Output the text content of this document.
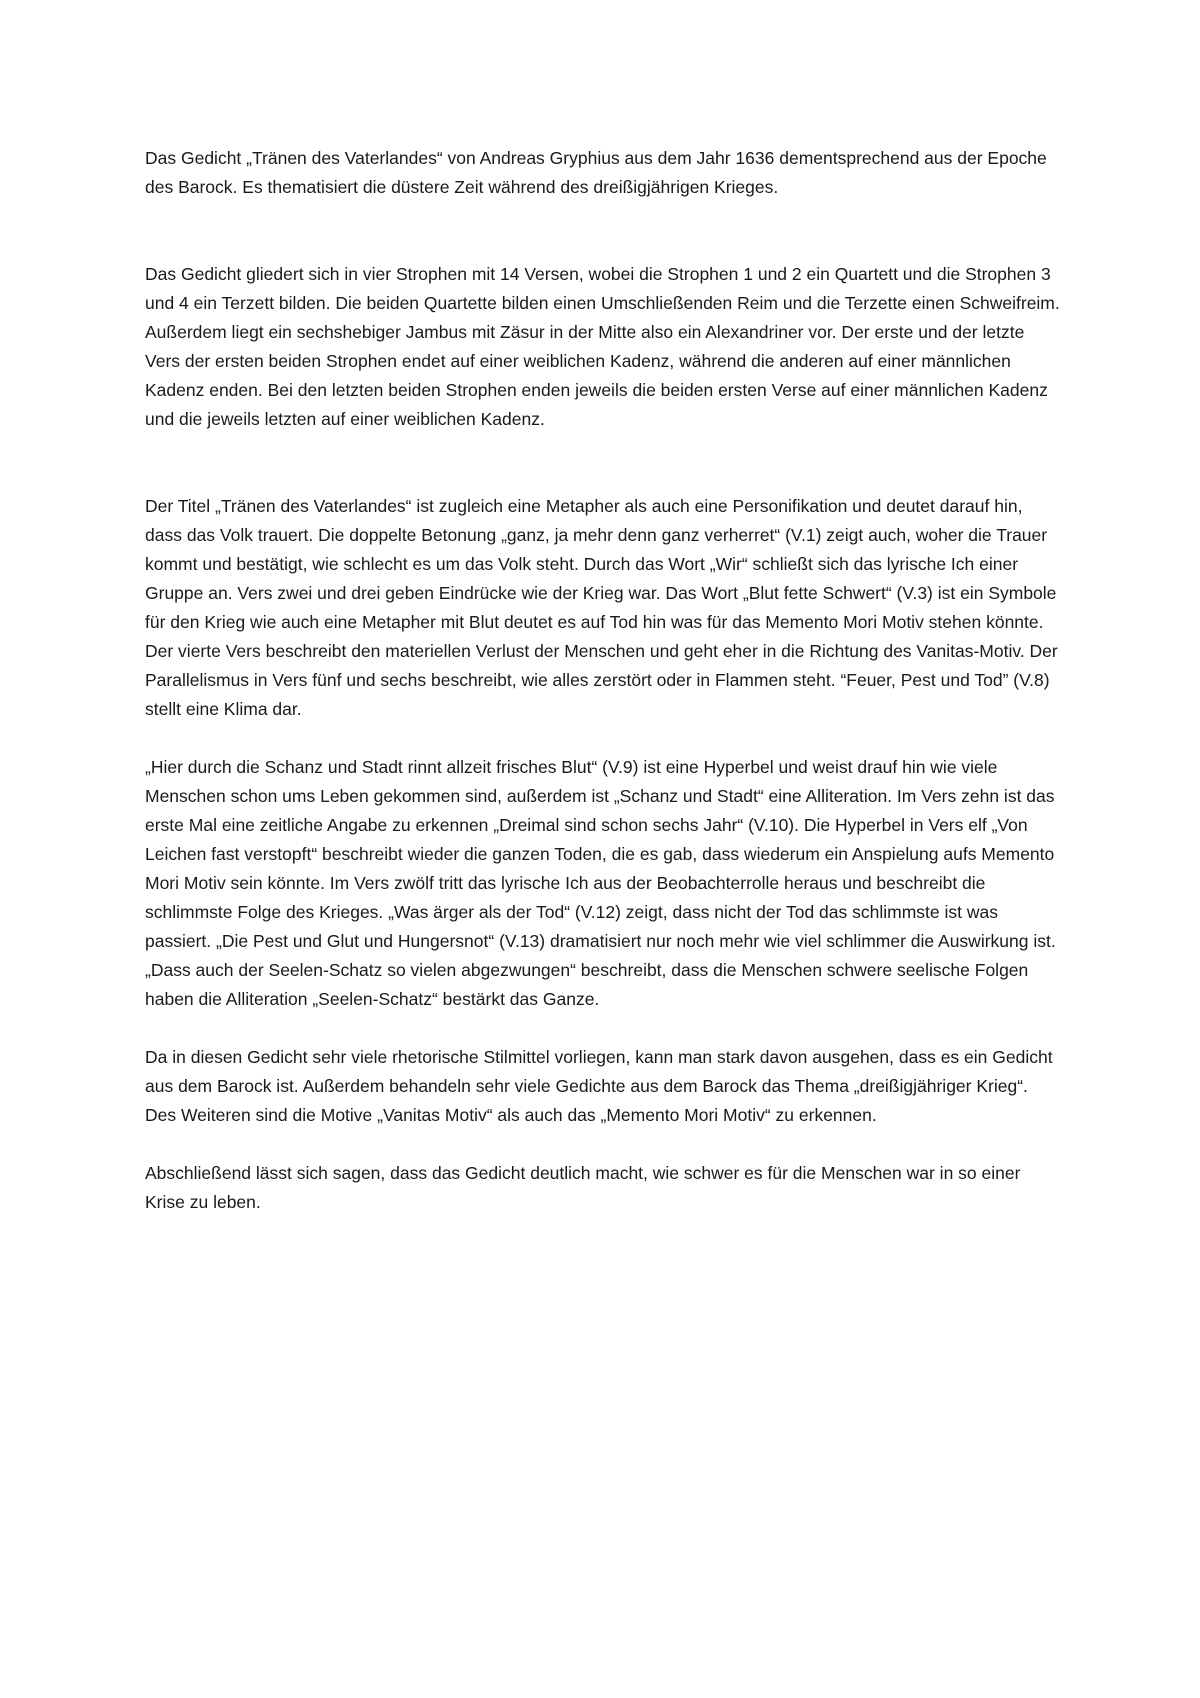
Das Gedicht „Tränen des Vaterlandes“ von Andreas Gryphius aus dem Jahr 1636 dementsprechend aus der Epoche des Barock. Es thematisiert die düstere Zeit während des dreißigjährigen Krieges.

Das Gedicht gliedert sich in vier Strophen mit 14 Versen, wobei die Strophen 1 und 2 ein Quartett und die Strophen 3 und 4 ein Terzett bilden. Die beiden Quartette bilden einen Umschließenden Reim und die Terzette einen Schweifreim. Außerdem liegt ein sechshebiger Jambus mit Zäsur in der Mitte also ein Alexandriner vor. Der erste und der letzte Vers der ersten beiden Strophen endet auf einer weiblichen Kadenz, während die anderen auf einer männlichen Kadenz enden. Bei den letzten beiden Strophen enden jeweils die beiden ersten Verse auf einer männlichen Kadenz und die jeweils letzten auf einer weiblichen Kadenz.

Der Titel „Tränen des Vaterlandes“ ist zugleich eine Metapher als auch eine Personifikation und deutet darauf hin, dass das Volk trauert. Die doppelte Betonung „ganz, ja mehr denn ganz verherret“ (V.1) zeigt auch, woher die Trauer kommt und bestätigt, wie schlecht es um das Volk steht. Durch das Wort „Wir“ schließt sich das lyrische Ich einer Gruppe an. Vers zwei und drei geben Eindrücke wie der Krieg war. Das Wort „Blut fette Schwert“ (V.3) ist ein Symbole für den Krieg wie auch eine Metapher mit Blut deutet es auf Tod hin was für das Memento Mori Motiv stehen könnte. Der vierte Vers beschreibt den materiellen Verlust der Menschen und geht eher in die Richtung des Vanitas-Motiv. Der Parallelismus in Vers fünf und sechs beschreibt, wie alles zerstört oder in Flammen steht. “Feuer, Pest und Tod” (V.8) stellt eine Klima dar.

„Hier durch die Schanz und Stadt rinnt allzeit frisches Blut“ (V.9) ist eine Hyperbel und weist drauf hin wie viele Menschen schon ums Leben gekommen sind, außerdem ist „Schanz und Stadt“ eine Alliteration. Im Vers zehn ist das erste Mal eine zeitliche Angabe zu erkennen „Dreimal sind schon sechs Jahr“ (V.10). Die Hyperbel in Vers elf „Von Leichen fast verstopft“ beschreibt wieder die ganzen Toden, die es gab, dass wiederum ein Anspielung aufs Memento Mori Motiv sein könnte. Im Vers zwölf tritt das lyrische Ich aus der Beobachterrolle heraus und beschreibt die schlimmste Folge des Krieges. „Was ärger als der Tod“ (V.12) zeigt, dass nicht der Tod das schlimmste ist was passiert. „Die Pest und Glut und Hungersnot“ (V.13) dramatisiert nur noch mehr wie viel schlimmer die Auswirkung ist. „Dass auch der Seelen-Schatz so vielen abgezwungen“ beschreibt, dass die Menschen schwere seelische Folgen haben die Alliteration „Seelen-Schatz“ bestärkt das Ganze.

Da in diesen Gedicht sehr viele rhetorische Stilmittel vorliegen, kann man stark davon ausgehen, dass es ein Gedicht aus dem Barock ist. Außerdem behandeln sehr viele Gedichte aus dem Barock das Thema „dreißigjähriger Krieg“. Des Weiteren sind die Motive „Vanitas Motiv“ als auch das „Memento Mori Motiv“ zu erkennen.

Abschließend lässt sich sagen, dass das Gedicht deutlich macht, wie schwer es für die Menschen war in so einer Krise zu leben.
